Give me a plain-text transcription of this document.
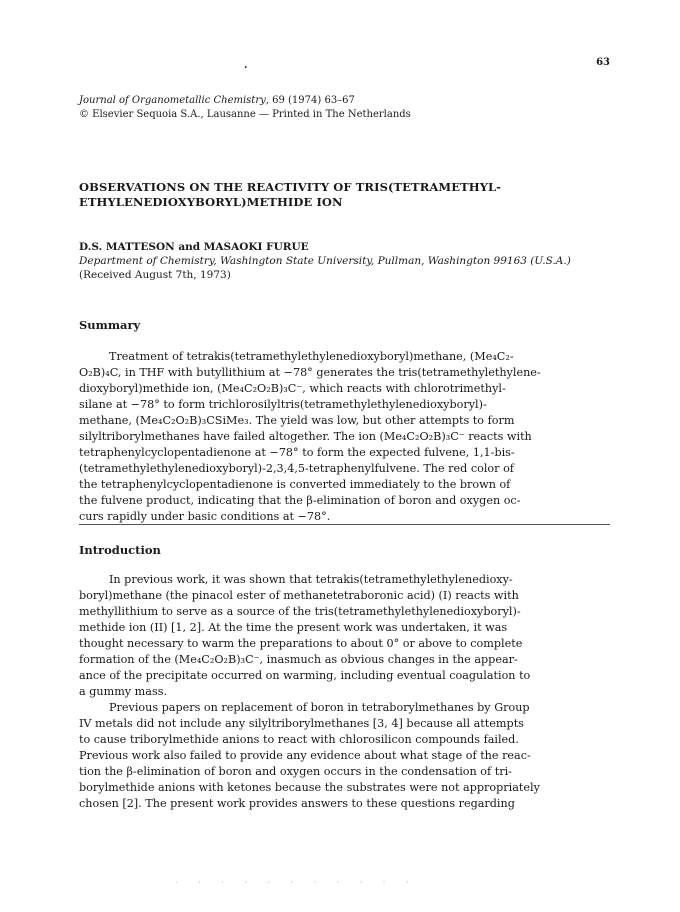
63
.
Journal of Organometallic Chemistry, 69 (1974) 63–67
© Elsevier Sequoia S.A., Lausanne — Printed in The Netherlands
OBSERVATIONS ON THE REACTIVITY OF TRIS(TETRAMETHYL-
ETHYLENEDIOXYBORYL)METHIDE ION
D.S. MATTESON and MASAOKI FURUE
Department of Chemistry, Washington State University, Pullman, Washington 99163 (U.S.A.)
(Received August 7th, 1973)
Summary
Treatment of tetrakis(tetramethylethylenedioxyboryl)methane, (Me₄C₂-
O₂B)₄C, in THF with butyllithium at −78° generates the tris(tetramethylethylene-
dioxyboryl)methide ion, (Me₄C₂O₂B)₃C⁻, which reacts with chlorotrimethyl-
silane at −78° to form trichlorosilyltris(tetramethylethylenedioxyboryl)-
methane, (Me₄C₂O₂B)₃CSiMe₃. The yield was low, but other attempts to form
silyltriborylmethanes have failed altogether. The ion (Me₄C₂O₂B)₃C⁻ reacts with
tetraphenylcyclopentadienone at −78° to form the expected fulvene, 1,1-bis-
(tetramethylethylenedioxyboryl)-2,3,4,5-tetraphenylfulvene. The red color of
the tetraphenylcyclopentadienone is converted immediately to the brown of
the fulvene product, indicating that the β-elimination of boron and oxygen oc-
curs rapidly under basic conditions at −78°.
Introduction
In previous work, it was shown that tetrakis(tetramethylethylenedioxy-
boryl)methane (the pinacol ester of methanetetraboronic acid) (I) reacts with
methyllithium to serve as a source of the tris(tetramethylethylenedioxyboryl)-
methide ion (II) [1, 2]. At the time the present work was undertaken, it was
thought necessary to warm the preparations to about 0° or above to complete
formation of the (Me₄C₂O₂B)₃C⁻, inasmuch as obvious changes in the appear-
ance of the precipitate occurred on warming, including eventual coagulation to
a gummy mass.
Previous papers on replacement of boron in tetraborylmethanes by Group
IV metals did not include any silyltriborylmethanes [3, 4] because all attempts
to cause triborylmethide anions to react with chlorosilicon compounds failed.
Previous work also failed to provide any evidence about what stage of the reac-
tion the β-elimination of boron and oxygen occurs in the condensation of tri-
borylmethide anions with ketones because the substrates were not appropriately
chosen [2]. The present work provides answers to these questions regarding
· · · · · · · · · · ·
